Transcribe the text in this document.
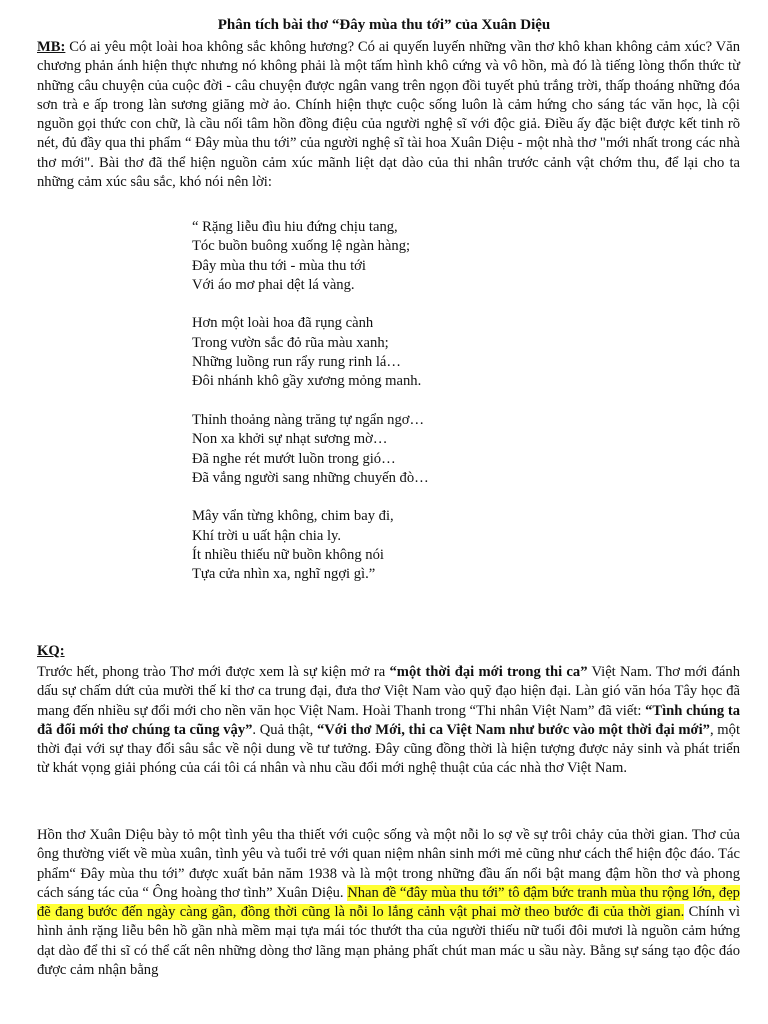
Phân tích bài thơ “Đây mùa thu tới” của Xuân Diệu

MB: Có ai yêu một loài hoa không sắc không hương? Có ai quyến luyến những vần thơ khô khan không cảm xúc? Văn chương phản ánh hiện thực nhưng nó không phải là một tấm hình khô cứng và vô hồn, mà đó là tiếng lòng thổn thức từ những câu chuyện của cuộc đời - câu chuyện được ngân vang trên ngọn đồi tuyết phủ trắng trời, thấp thoáng những đóa sơn trà e ấp trong làn sương giăng mờ ảo. Chính hiện thực cuộc sống luôn là cảm hứng cho sáng tác văn học, là cội nguồn gọi thức con chữ, là cầu nối tâm hồn đồng điệu của người nghệ sĩ với độc giả. Điều ấy đặc biệt được kết tinh rõ nét, đủ đầy qua thi phẩm “ Đây mùa thu tới” của người nghệ sĩ tài hoa Xuân Diệu - một nhà thơ "mới nhất trong các nhà thơ mới". Bài thơ đã thể hiện nguồn cảm xúc mãnh liệt dạt dào của thi nhân trước cảnh vật chớm thu, để lại cho ta những cảm xúc sâu sắc, khó nói nên lời:

“ Rặng liễu đìu hiu đứng chịu tang,
Tóc buồn buông xuống lệ ngàn hàng;
Đây mùa thu tới - mùa thu tới
Với áo mơ phai dệt lá vàng.
Hơn một loài hoa đã rụng cành
Trong vườn sắc đỏ rũa màu xanh;
Những luồng run rẩy rung rinh lá…
Đôi nhánh khô gầy xương mỏng manh.
Thỉnh thoảng nàng trăng tự ngẩn ngơ…
Non xa khởi sự nhạt sương mờ…
Đã nghe rét mướt luồn trong gió…
Đã vắng người sang những chuyến đò…
Mây vẩn từng không, chim bay đi,
Khí trời u uất hận chia ly.
Ít nhiều thiếu nữ buồn không nói
Tựa cửa nhìn xa, nghĩ ngợi gì.”

KQ:

Trước hết, phong trào Thơ mới được xem là sự kiện mở ra “một thời đại mới trong thi ca” Việt Nam. Thơ mới đánh dấu sự chấm dứt của mười thế kỉ thơ ca trung đại, đưa thơ Việt Nam vào quỹ đạo hiện đại. Làn gió văn hóa Tây học đã mang đến nhiều sự đổi mới cho nền văn học Việt Nam. Hoài Thanh trong “Thi nhân Việt Nam” đã viết: “Tình chúng ta đã đổi mới thơ chúng ta cũng vậy”. Quả thật, “Với thơ Mới, thi ca Việt Nam như bước vào một thời đại mới”, một thời đại với sự thay đổi sâu sắc về nội dung về tư tưởng. Đây cũng đồng thời là hiện tượng được nảy sinh và phát triển từ khát vọng giải phóng của cái tôi cá nhân và nhu cầu đổi mới nghệ thuật của các nhà thơ Việt Nam.

Hồn thơ Xuân Diệu bày tỏ một tình yêu tha thiết với cuộc sống và một nỗi lo sợ về sự trôi chảy của thời gian. Thơ của ông thường viết về mùa xuân, tình yêu và tuổi trẻ với quan niệm nhân sinh mới mẻ cũng như cách thể hiện độc đáo. Tác phẩm“ Đây mùa thu tới” được xuất bản năm 1938 và là một trong những đầu ấn nổi bật mang đậm hồn thơ và phong cách sáng tác của “ Ông hoàng thơ tình” Xuân Diệu. Nhan đề “đây mùa thu tới” tô đậm bức tranh mùa thu rộng lớn, đẹp đẽ đang bước đến ngày càng gần, đồng thời cũng là nỗi lo lắng cảnh vật phai mờ theo bước đi của thời gian. Chính vì hình ảnh rặng liễu bên hồ gần nhà mềm mại tựa mái tóc thướt tha của người thiếu nữ tuổi đôi mươi là nguồn cảm hứng dạt dào để thi sĩ có thể cất nên những dòng thơ lãng mạn phảng phất chút man mác u sầu này. Bằng sự sáng tạo độc đáo được cảm nhận bằng
